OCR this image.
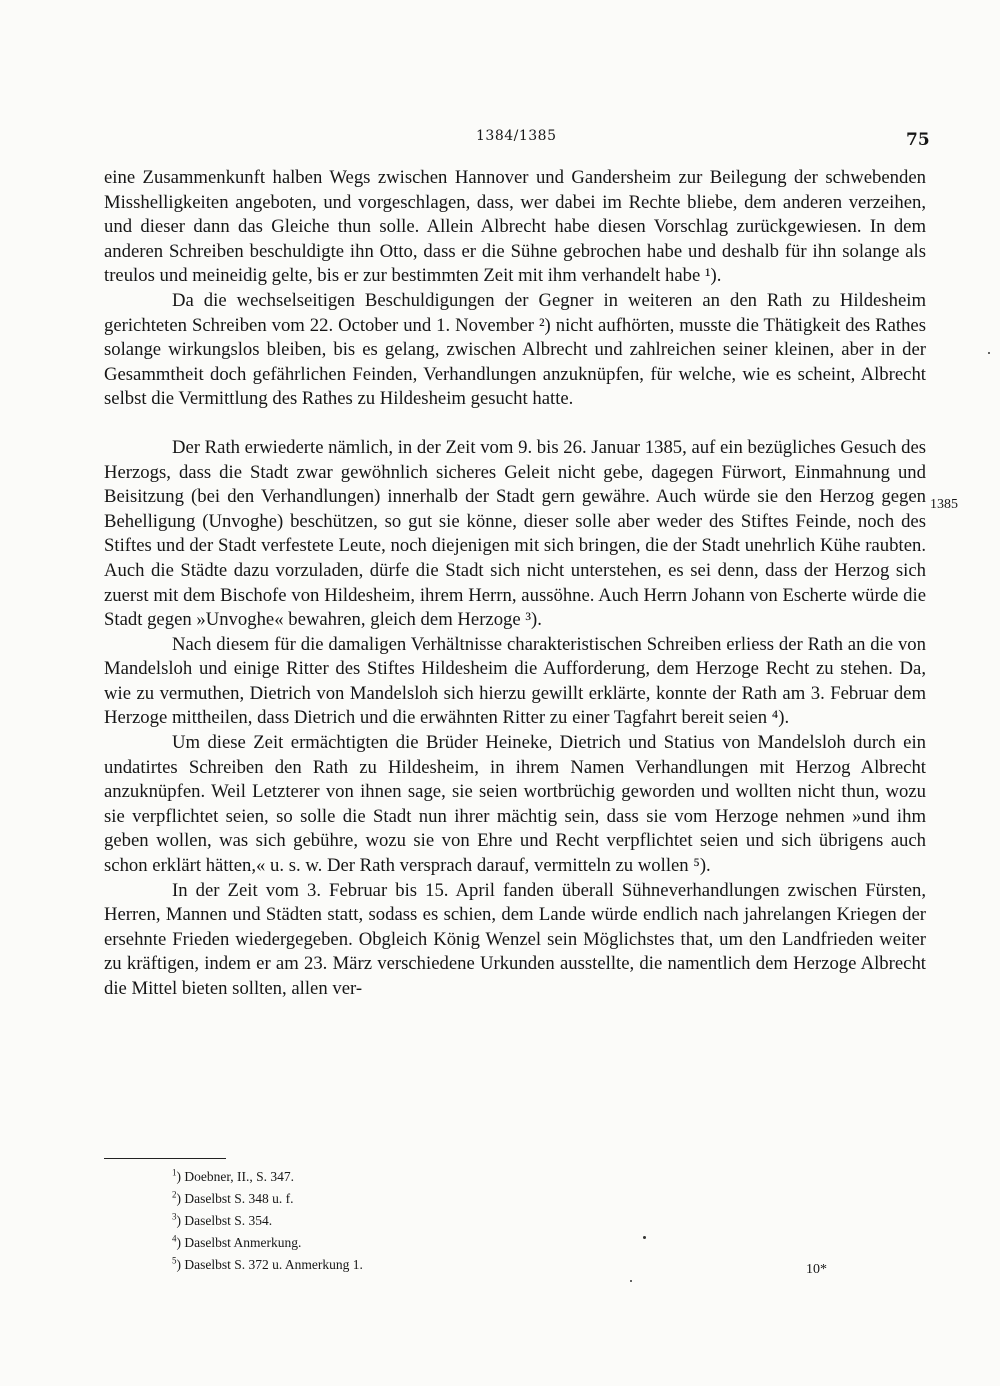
1384/1385	75

eine Zusammenkunft halben Wegs zwischen Hannover und Gandersheim zur Beilegung der schwebenden Misshelligkeiten angeboten, und vorgeschlagen, dass, wer dabei im Rechte bliebe, dem anderen verzeihen, und dieser dann das Gleiche thun solle. Allein Albrecht habe diesen Vorschlag zurückgewiesen. In dem anderen Schreiben beschuldigte ihn Otto, dass er die Sühne gebrochen habe und deshalb für ihn solange als treulos und meineidig gelte, bis er zur bestimmten Zeit mit ihm verhandelt habe ¹).

Da die wechselseitigen Beschuldigungen der Gegner in weiteren an den Rath zu Hildesheim gerichteten Schreiben vom 22. October und 1. November ²) nicht aufhörten, musste die Thätigkeit des Rathes solange wirkungslos bleiben, bis es gelang, zwischen Albrecht und zahlreichen seiner kleinen, aber in der Gesammtheit doch gefährlichen Feinden, Verhandlungen anzuknüpfen, für welche, wie es scheint, Albrecht selbst die Vermittlung des Rathes zu Hildesheim gesucht hatte.

Der Rath erwiederte nämlich, in der Zeit vom 9. bis 26. Januar 1385, auf ein bezügliches Gesuch des Herzogs, dass die Stadt zwar gewöhnlich sicheres Geleit nicht gebe, dagegen Fürwort, Einmahnung und Beisitzung (bei den Verhandlungen) innerhalb der Stadt gern gewähre. Auch würde sie den Herzog gegen Behelligung (Unvoghe) beschützen, so gut sie könne, dieser solle aber weder des Stiftes Feinde, noch des Stiftes und der Stadt verfestete Leute, noch diejenigen mit sich bringen, die der Stadt unehrlich Kühe raubten. Auch die Städte dazu vorzuladen, dürfe die Stadt sich nicht unterstehen, es sei denn, dass der Herzog sich zuerst mit dem Bischofe von Hildesheim, ihrem Herrn, aussöhne. Auch Herrn Johann von Escherte würde die Stadt gegen »Unvoghe« bewahren, gleich dem Herzoge ³).

Nach diesem für die damaligen Verhältnisse charakteristischen Schreiben erliess der Rath an die von Mandelsloh und einige Ritter des Stiftes Hildesheim die Aufforderung, dem Herzoge Recht zu stehen. Da, wie zu vermuthen, Dietrich von Mandelsloh sich hierzu gewillt erklärte, konnte der Rath am 3. Februar dem Herzoge mittheilen, dass Dietrich und die erwähnten Ritter zu einer Tagfahrt bereit seien ⁴).

Um diese Zeit ermächtigten die Brüder Heineke, Dietrich und Statius von Mandelsloh durch ein undatirtes Schreiben den Rath zu Hildesheim, in ihrem Namen Verhandlungen mit Herzog Albrecht anzuknüpfen. Weil Letzterer von ihnen sage, sie seien wortbrüchig geworden und wollten nicht thun, wozu sie verpflichtet seien, so solle die Stadt nun ihrer mächtig sein, dass sie vom Herzoge nehmen »und ihm geben wollen, was sich gebühre, wozu sie von Ehre und Recht verpflichtet seien und sich übrigens auch schon erklärt hätten,« u. s. w. Der Rath versprach darauf, vermitteln zu wollen ⁵).

In der Zeit vom 3. Februar bis 15. April fanden überall Sühneverhandlungen zwischen Fürsten, Herren, Mannen und Städten statt, sodass es schien, dem Lande würde endlich nach jahrelangen Kriegen der ersehnte Frieden wiedergegeben. Obgleich König Wenzel sein Möglichstes that, um den Landfrieden weiter zu kräftigen, indem er am 23. März verschiedene Urkunden ausstellte, die namentlich dem Herzoge Albrecht die Mittel bieten sollten, allen ver-

1385
$^1$) Doebner, II., S. 347.
$^2$) Daselbst S. 348 u. f.
$^3$) Daselbst S. 354.
$^4$) Daselbst Anmerkung.
$^5$) Daselbst S. 372 u. Anmerkung 1.	10*
